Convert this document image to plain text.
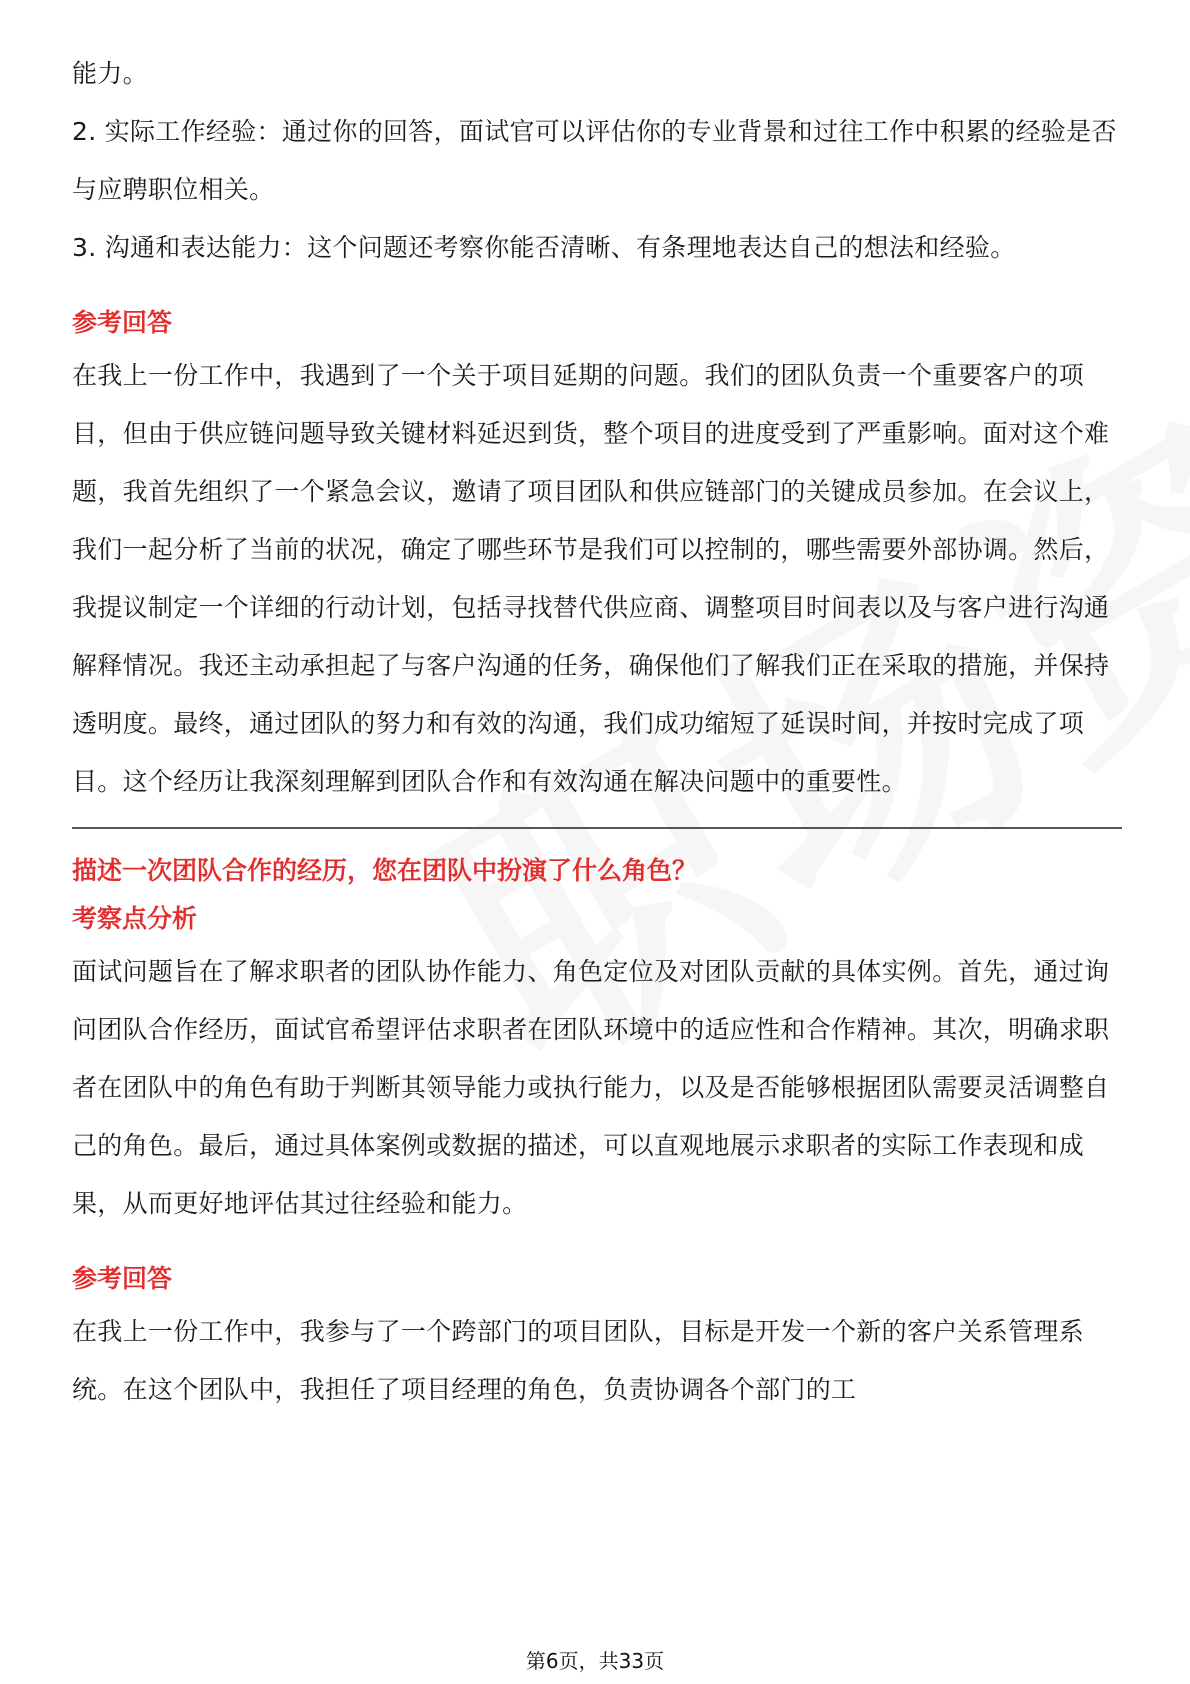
能力。

2. 实际工作经验：通过你的回答，面试官可以评估你的专业背景和过往工作中积累的经验是否与应聘职位相关。

3. 沟通和表达能力：这个问题还考察你能否清晰、有条理地表达自己的想法和经验。

参考回答

在我上一份工作中，我遇到了一个关于项目延期的问题。我们的团队负责一个重要客户的项目，但由于供应链问题导致关键材料延迟到货，整个项目的进度受到了严重影响。面对这个难题，我首先组织了一个紧急会议，邀请了项目团队和供应链部门的关键成员参加。在会议上，我们一起分析了当前的状况，确定了哪些环节是我们可以控制的，哪些需要外部协调。然后，我提议制定一个详细的行动计划，包括寻找替代供应商、调整项目时间表以及与客户进行沟通解释情况。我还主动承担起了与客户沟通的任务，确保他们了解我们正在采取的措施，并保持透明度。最终，通过团队的努力和有效的沟通，我们成功缩短了延误时间，并按时完成了项目。这个经历让我深刻理解到团队合作和有效沟通在解决问题中的重要性。

描述一次团队合作的经历，您在团队中扮演了什么角色？
考察点分析

面试问题旨在了解求职者的团队协作能力、角色定位及对团队贡献的具体实例。首先，通过询问团队合作经历，面试官希望评估求职者在团队环境中的适应性和合作精神。其次，明确求职者在团队中的角色有助于判断其领导能力或执行能力，以及是否能够根据团队需要灵活调整自己的角色。最后，通过具体案例或数据的描述，可以直观地展示求职者的实际工作表现和成果，从而更好地评估其过往经验和能力。

参考回答

在我上一份工作中，我参与了一个跨部门的项目团队，目标是开发一个新的客户关系管理系统。在这个团队中，我担任了项目经理的角色，负责协调各个部门的工

第6页，共33页
